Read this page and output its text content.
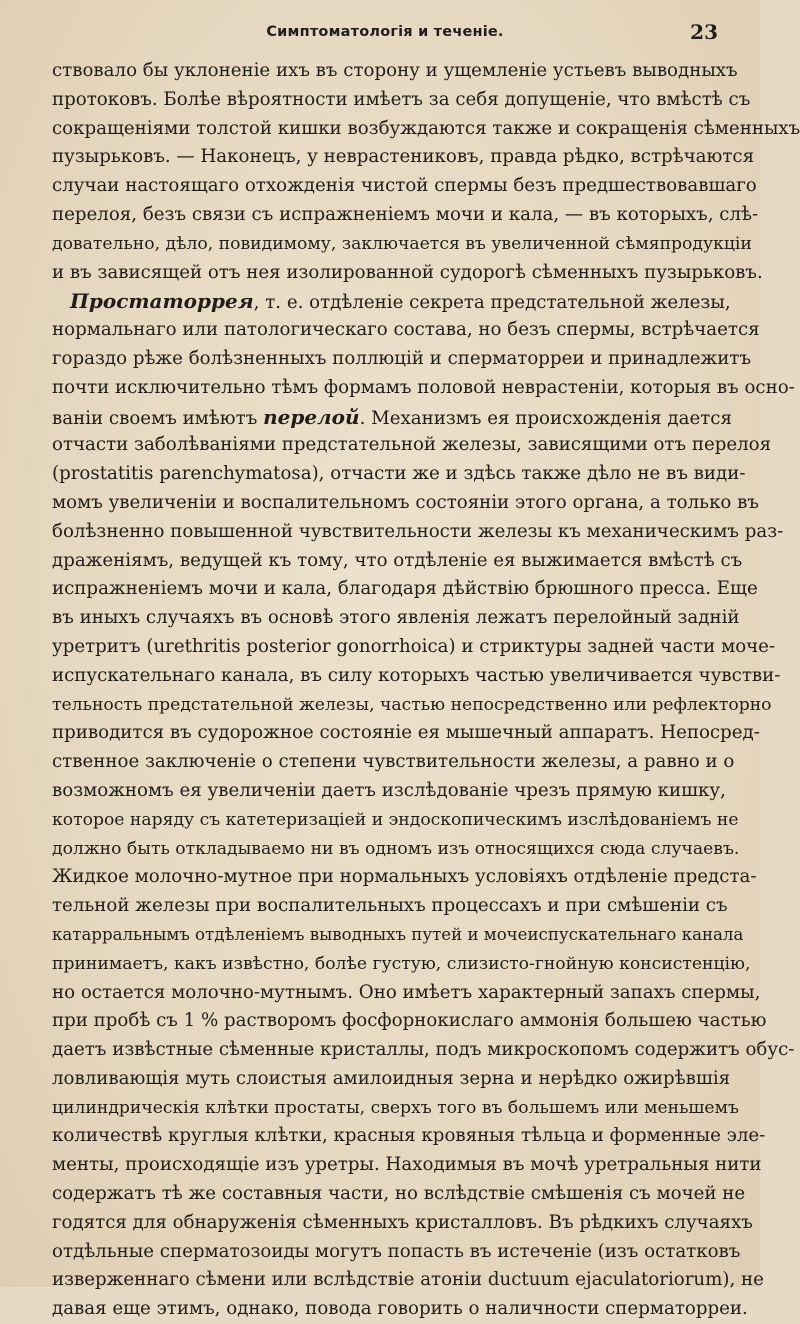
Симптоматологія и теченіе.	23
ствовало бы уклоненіе ихъ въ сторону и ущемленіе устьевъ выводныхъ
протоковъ. Болѣе вѣроятности имѣетъ за себя допущеніе, что вмѣстѣ съ
сокращеніями толстой кишки возбуждаются также и сокращенія сѣменныхъ
пузырьковъ. — Наконецъ, у неврастениковъ, правда рѣдко, встрѣчаются
случаи настоящаго отхожденія чистой спермы безъ предшествовавшаго
перелоя, безъ связи съ испражненіемъ мочи и кала, — въ которыхъ, слѣ-
довательно, дѣло, повидимому, заключается въ увеличенной сѣмяпродукціи
и въ зависящей отъ нея изолированной судорогѣ сѣменныхъ пузырьковъ.
Простаторрея, т. е. отдѣленіе секрета предстательной железы,
нормальнаго или патологическаго состава, но безъ спермы, встрѣчается
гораздо рѣже болѣзненныхъ поллюцій и сперматорреи и принадлежитъ
почти исключительно тѣмъ формамъ половой неврастеніи, которыя въ осно-
ваніи своемъ имѣютъ перелой. Механизмъ ея происхожденія дается
отчасти заболѣваніями предстательной железы, зависящими отъ перелоя
(prostatitis parenchymatosa), отчасти же и здѣсь также дѣло не въ види-
момъ увеличеніи и воспалительномъ состояніи этого органа, а только въ
болѣзненно повышенной чувствительности железы къ механическимъ раз-
драженіямъ, ведущей къ тому, что отдѣленіе ея выжимается вмѣстѣ съ
испражненіемъ мочи и кала, благодаря дѣйствію брюшного пресса. Еще
въ иныхъ случаяхъ въ основѣ этого явленія лежатъ перелойный задній
уретритъ (urethritis posterior gonorrhoica) и стриктуры задней части моче-
испускательнаго канала, въ силу которыхъ частью увеличивается чувстви-
тельность предстательной железы, частью непосредственно или рефлекторно
приводится въ судорожное состояніе ея мышечный аппаратъ. Непосред-
ственное заключеніе о степени чувствительности железы, а равно и о
возможномъ ея увеличеніи даетъ изслѣдованіе чрезъ прямую кишку,
которое наряду съ катетеризаціей и эндоскопическимъ изслѣдованіемъ не
должно быть откладываемо ни въ одномъ изъ относящихся сюда случаевъ.
Жидкое молочно-мутное при нормальныхъ условіяхъ отдѣленіе предста-
тельной железы при воспалительныхъ процессахъ и при смѣшеніи съ
катарральнымъ отдѣленіемъ выводныхъ путей и мочеиспускательнаго канала
принимаетъ, какъ извѣстно, болѣе густую, слизисто-гнойную консистенцію,
но остается молочно-мутнымъ. Оно имѣетъ характерный запахъ спермы,
при пробѣ съ 1 % растворомъ фосфорнокислаго аммонія большею частью
даетъ извѣстные сѣменные кристаллы, подъ микроскопомъ содержитъ обус-
ловливающія муть слоистыя амилоидныя зерна и нерѣдко ожирѣвшія
цилиндрическія клѣтки простаты, сверхъ того въ большемъ или меньшемъ
количествѣ круглыя клѣтки, красныя кровяныя тѣльца и форменные эле-
менты, происходящіе изъ уретры. Находимыя въ мочѣ уретральныя нити
содержатъ тѣ же составныя части, но вслѣдствіе смѣшенія съ мочей не
годятся для обнаруженія сѣменныхъ кристалловъ. Въ рѣдкихъ случаяхъ
отдѣльные сперматозоиды могутъ попасть въ истеченіе (изъ остатковъ
изверженнаго сѣмени или вслѣдствіе атоніи ductuum ejaculatoriorum), не
давая еще этимъ, однако, повода говорить о наличности сперматорреи.
